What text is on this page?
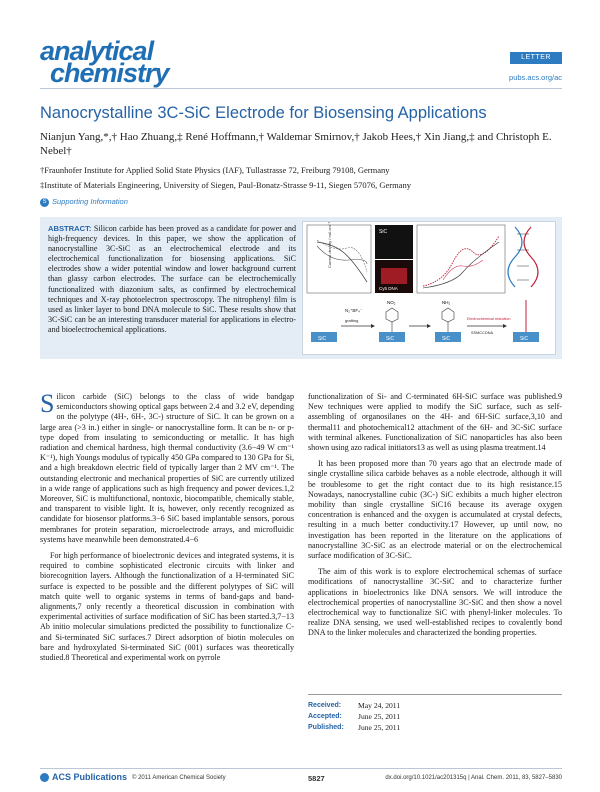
analytical
chemistry
LETTER
pubs.acs.org/ac
Nanocrystalline 3C-SiC Electrode for Biosensing Applications
Nianjun Yang,*,† Hao Zhuang,‡ René Hoffmann,† Waldemar Smirnov,† Jakob Hees,† Xin Jiang,‡ and Christoph E. Nebel†
†Fraunhofer Institute for Applied Solid State Physics (IAF), Tullastrasse 72, Freiburg 79108, Germany
‡Institute of Materials Engineering, University of Siegen, Paul-Bonatz-Strasse 9-11, Siegen 57076, Germany
S Supporting Information
ABSTRACT: Silicon carbide has been proved as a candidate for power and high-frequency devices. In this paper, we show the application of nanocrystalline 3C-SiC as an electrochemical electrode and its electrochemical functionalization for biosensing applications. SiC electrodes show a wider potential window and lower background current than glassy carbon electrodes. The surface can be electrochemically functionalized with diazonium salts, as confirmed by electrochemical techniques and X-ray photoelectron spectroscopy. The nitrophenyl film is used as linker layer to bond DNA molecule to SiC. These results show that 3C-SiC can be an interesting transducer material for applications in electro- and bioelectrochemical applications.
Current density / mA cm⁻²	SiC
Cy5 DNA
SiC
N₂⁺BF₄⁻
grafting
SiC
NO₂
SiC
NH₂
Electrochemical reduction
SSMCC DNA
SiC

Silicon carbide (SiC) belongs to the class of wide bandgap semiconductors showing optical gaps between 2.4 and 3.2 eV, depending on the polytype (4H-, 6H-, 3C-) structure of SiC. It can be grown on a large area (>3 in.) either in single- or nanocrystalline form. It can be n- or p-type doped from insulating to semiconducting or metallic. It has high radiation and chemical hardness, high thermal conductivity (3.6−49 W cm⁻¹ K⁻¹), high Youngs modulus of typically 450 GPa compared to 130 GPa for Si, and a high breakdown electric field of typically larger than 2 MV cm⁻¹. The outstanding electronic and mechanical properties of SiC are currently utilized in a wide range of applications such as high frequency and power devices.1,2 Moreover, SiC is multifunctional, nontoxic, biocompatible, chemically stable, and transparent to visible light. It is, however, only recently recognized as candidate for biosensor platforms.3−6 SiC based implantable sensors, porous membranes for protein separation, microelectrode arrays, and microfluidic systems have meanwhile been demonstrated.4−6

For high performance of bioelectronic devices and integrated systems, it is required to combine sophisticated electronic circuits with linker and biorecognition layers. Although the functionalization of a H-terminated SiC surface is expected to be possible and the different polytypes of SiC will match quite well to organic systems in terms of band-gaps and band-alignments,7 only recently a theoretical discussion in combination with experimental activities of surface modification of SiC has been started.3,7−13 Ab initio molecular simulations predicted the possibility to functionalize C- and Si-terminated SiC surfaces.7 Direct adsorption of biotin molecules on bare and hydroxylated Si-terminated SiC (001) surfaces was theoretically studied.8 Theoretical and experimental work on pyrrole

functionalization of Si- and C-terminated 6H-SiC surface was published.9 New techniques were applied to modify the SiC surface, such as self-assembling of organosilanes on the 4H- and 6H-SiC surface,3,10 and thermal11 and photochemical12 attachment of the 6H- and 3C-SiC surface with terminal alkenes. Functionalization of SiC nanoparticles has also been shown using azo radical initiators13 as well as using plasma treatment.14

It has been proposed more than 70 years ago that an electrode made of single crystalline silica carbide behaves as a noble electrode, although it will be troublesome to get the right contact due to its high resistance.15 Nowadays, nanocrystalline cubic (3C-) SiC exhibits a much higher electron mobility than single crystalline SiC16 because its average oxygen concentration is enhanced and the oxygen is accumulated at crystal defects, resulting in a much better conductivity.17 However, up until now, no investigation has been reported in the literature on the applications of nanocrystalline 3C-SiC as an electrode material or on the electrochemical surface modification of 3C-SiC.

The aim of this work is to explore electrochemical schemas of surface modifications of nanocrystalline 3C-SiC and to characterize further applications in bioelectronics like DNA sensors. We will introduce the electrochemical properties of nanocrystalline 3C-SiC and then show a novel electrochemical way to functionalize SiC with phenyl-linker molecules. To realize DNA sensing, we used well-established recipes to covalently bond DNA to the linker molecules and characterized the bonding properties.

Received:	May 24, 2011
Accepted:	June 25, 2011
Published:	June 25, 2011
ACS Publications © 2011 American Chemical Society	5827	dx.doi.org/10.1021/ac201315q | Anal. Chem. 2011, 83, 5827–5830
